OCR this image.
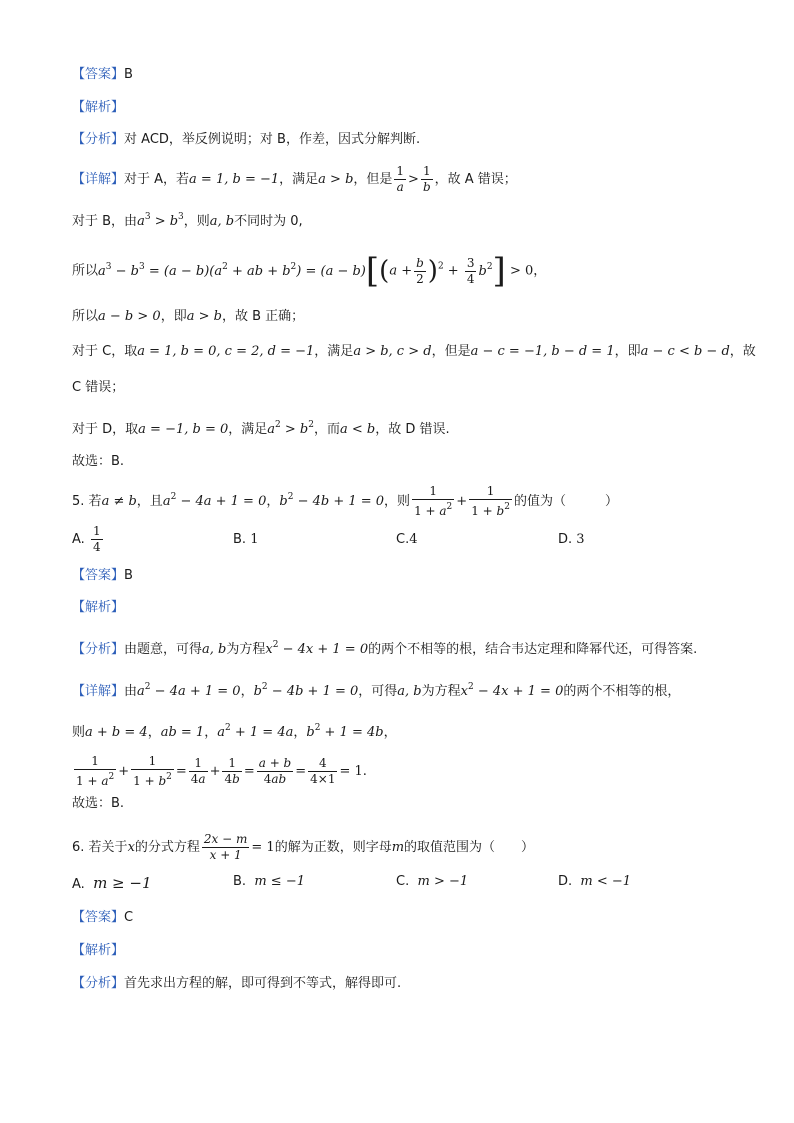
【答案】B
【解析】
【分析】对 ACD，举反例说明；对 B，作差，因式分解判断.
【详解】对于 A，若a = 1, b = −1，满足a > b，但是 $\frac{1}{a} > \frac{1}{b}$ ，故 A 错误；
对于 B，由$a^3 > b^3$，则a, b不同时为 0,
所以$a^3 - b^3 = (a - b)(a^2$ + ab + $b^2) = (a - b)[(a + \frac{b}{2} )^2 + \frac{3}{4} b^2] > 0$，
所以a − b > 0，即a > b，故 B 正确；
对于 C，取a = 1, b = 0, c = 2, d = −1，满足a > b, c > d，但是a − c = −1, b − d = 1，即a − c < b − d，故
C 错误；
对于 D，取a = −1, b = 0，满足$a^2 > b^2$，而a < b，故 D 错误.
故选：B.
5. 若a ≠ b，且$a^2 - 4a + 1 = 0$，$b^2 - 4b + 1 = 0$，则 $\frac{1}{1 + a^2} + \frac{1}{1 + b^2}$ 的值为（　　　）
A. $\frac{1}{4}$	B. 1	C.4	D. 3
【答案】B
【解析】
【分析】由题意，可得a, b为方程$x^2 - 4x + 1 = 0$的两个不相等的根，结合韦达定理和降幂代还，可得答案.
【详解】由$a^2 - 4a + 1 = 0$，$b^2 - 4b + 1 = 0$，可得a, b为方程$x^2 - 4x + 1 = 0$的两个不相等的根，
则a + b = 4，ab = 1，$a^2 + 1 = 4a$，$b^2 + 1 = 4b$，
$\frac{1}{1 + a^2} + \frac{1}{1 + b^2} = \frac{1}{4a} + \frac{1}{4b} = \frac{a + b}{4ab} = \frac{4}{4\times 1} = 1$.
故选：B.
6. 若关于x的分式方程 $\frac{2x - m}{x + 1} = 1$的解为正数，则字母m的取值范围为（　　）
A. m ≥ −1	B. m ≤ −1	C. m > −1	D. m < −1
【答案】C
【解析】
【分析】首先求出方程的解，即可得到不等式，解得即可.
